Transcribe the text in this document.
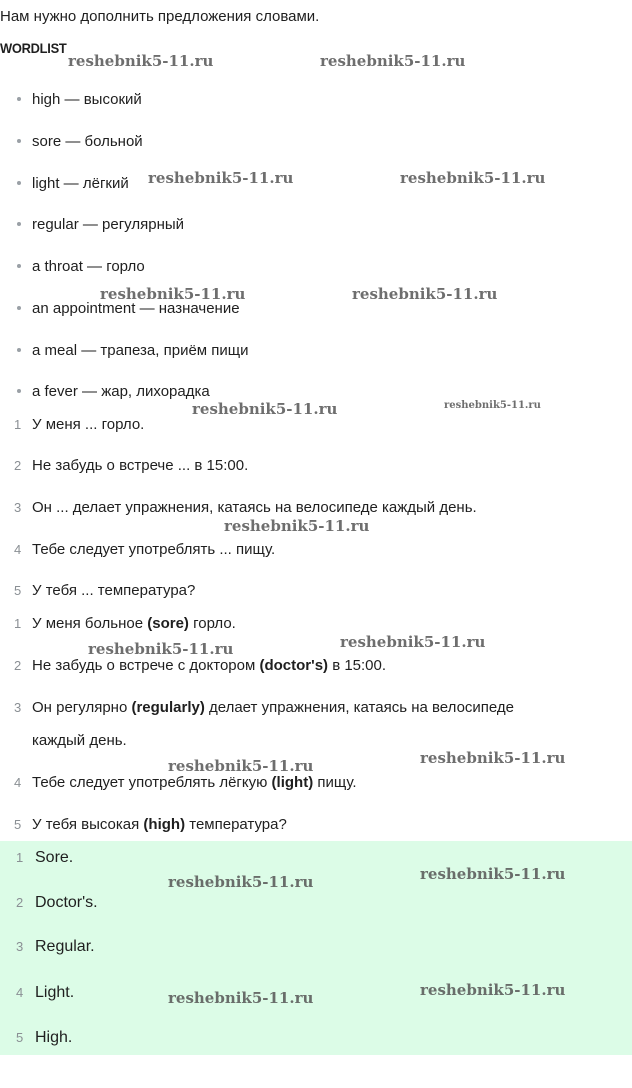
Нам нужно дополнить предложения словами.
WORDLIST
high — высокий
sore — больной
light — лёгкий
regular — регулярный
a throat — горло
an appointment — назначение
a meal — трапеза, приём пищи
a fever — жар, лихорадка
1 У меня ... горло.
2 Не забудь о встрече ... в 15:00.
3 Он ... делает упражнения, катаясь на велосипеде каждый день.
4 Тебе следует употреблять ... пищу.
5 У тебя ... температура?
1 У меня больное (sore) горло.
2 Не забудь о встрече с доктором (doctor's) в 15:00.
3 Он регулярно (regularly) делает упражнения, катаясь на велосипеде
каждый день.
4 Тебе следует употреблять лёгкую (light) пищу.
5 У тебя высокая (high) температура?
1 Sore.
2 Doctor's.
3 Regular.
4 Light.
5 High.
reshebnik5-11.ru	reshebnik5-11.ru
reshebnik5-11.ru	reshebnik5-11.ru
reshebnik5-11.ru	reshebnik5-11.ru
reshebnik5-11.ru	reshebnik5-11.ru
reshebnik5-11.ru
reshebnik5-11.ru	reshebnik5-11.ru
reshebnik5-11.ru	reshebnik5-11.ru
reshebnik5-11.ru	reshebnik5-11.ru
reshebnik5-11.ru	reshebnik5-11.ru
